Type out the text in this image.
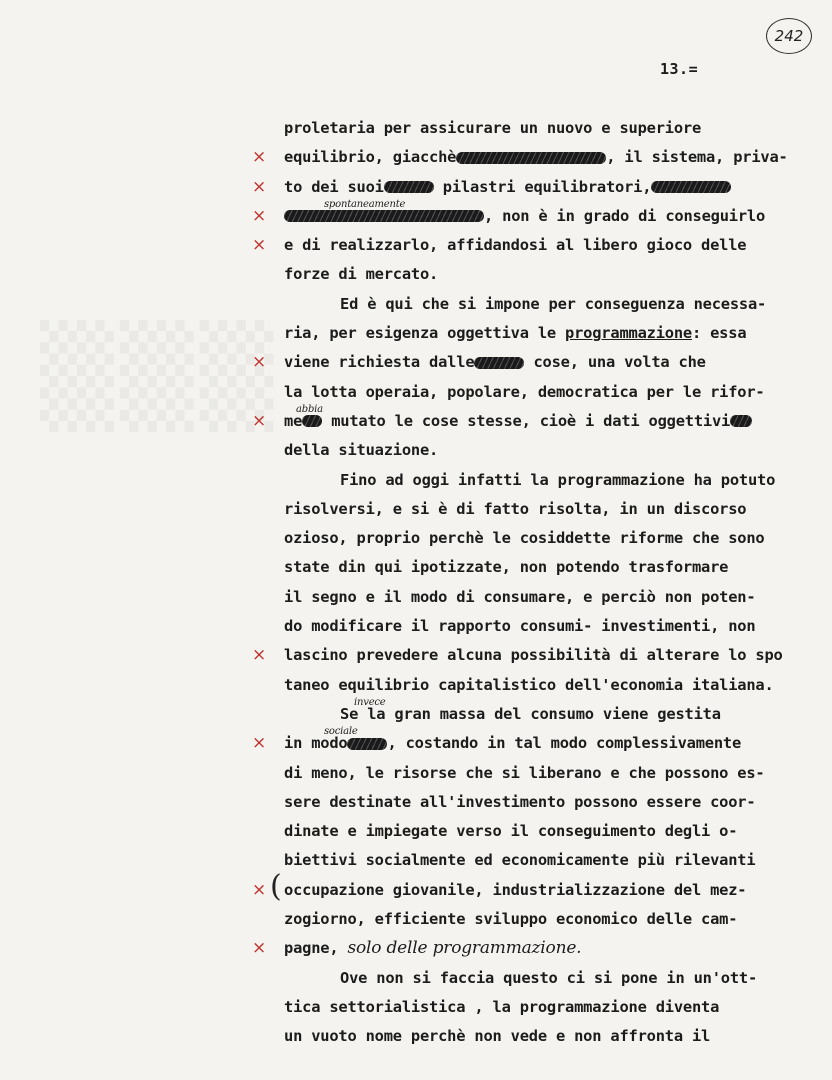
242
13.=
proletaria per assicurare un nuovo e superiore
× equilibrio, giacchè	, il sistema, priva-
× to dei suoi	pilastri equilibratori,
×
spontaneamente
, non è in grado di conseguirlo
× e di realizzarlo, affidandosi al libero gioco delle
forze di mercato.
Ed è qui che si impone per conseguenza necessa-
ria, per esigenza oggettiva le programmazione: essa
× viene richiesta dalle	cose, una volta che
la lotta operaia, popolare, democratica per le rifor-
×
abbia
me mutato le cose stesse, cioè i dati oggettivi
della situazione.
Fino ad oggi infatti la programmazione ha potuto
risolversi, e si è di fatto risolta, in un discorso
ozioso, proprio perchè le cosiddette riforme che sono
state din qui ipotizzate, non potendo trasformare
il segno e il modo di consumare, e perciò non poten-
do modificare il rapporto consumi- investimenti, non
× lascino prevedere alcuna possibilità di alterare lo spo
taneo equilibrio capitalistico dell'economia italiana.
invece
Se la gran massa del consumo viene gestita
×
sociale
in modo	, costando in tal modo complessivamente
di meno, le risorse che si liberano e che possono es-
sere destinate all'investimento possono essere coor-
dinate e impiegate verso il conseguimento degli o-
biettivi socialmente ed economicamente più rilevanti
× ( occupazione giovanile, industrializzazione del mez-
zogiorno, efficiente sviluppo economico delle cam-
× pagne, solo delle programmazione.
Ove non si faccia questo ci si pone in un'ott-
tica settorialistica , la programmazione diventa
un vuoto nome perchè non vede e non affronta il
